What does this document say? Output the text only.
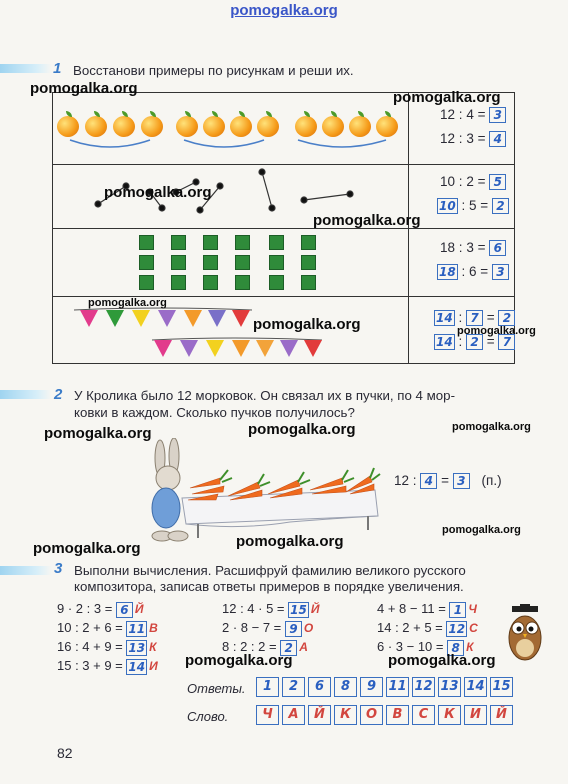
pomogalka.org
1 Восстанови примеры по рисункам и реши их.
12 : 4 = 3
12 : 3 = 4
10 : 2 = 5
10 : 5 = 2
18 : 3 = 6
18 : 6 = 3
14 : 7 = 2
14 : 2 = 7
2 У Кролика было 12 морковок. Он связал их в пучки, по 4 мор-
ковки в каждом. Сколько пучков получилось?
12 : 4 = 3 (п.)
3 Выполни вычисления. Расшифруй фамилию великого русского
композитора, записав ответы примеров в порядке увеличения.
9 · 2 : 3 = 6 Й
10 : 2 + 6 = 11 В
16 : 4 + 9 = 13 К
15 : 3 + 9 = 14 И
12 : 4 · 5 = 15 Й
2 · 8 − 7 = 9 О
8 : 2 : 2 = 2 А
4 + 8 − 11 = 1 Ч
14 : 2 + 5 = 12 С
6 · 3 − 10 = 8 К
Ответы.	1	2	6	8	9 11 12 13 14 15
Слово.	Ч	А	Й	К	О	В	С	К	И	Й
82
pomogalka.org
pomogalka.org
pomogalka.org
pomogalka.org
pomogalka.org
pomogalka.org	pomogalka.org
pomogalka.org	pomogalka.org	pomogalka.org
pomogalka.org
pomogalka.org
pomogalka.org
pomogalka.org	pomogalka.org
